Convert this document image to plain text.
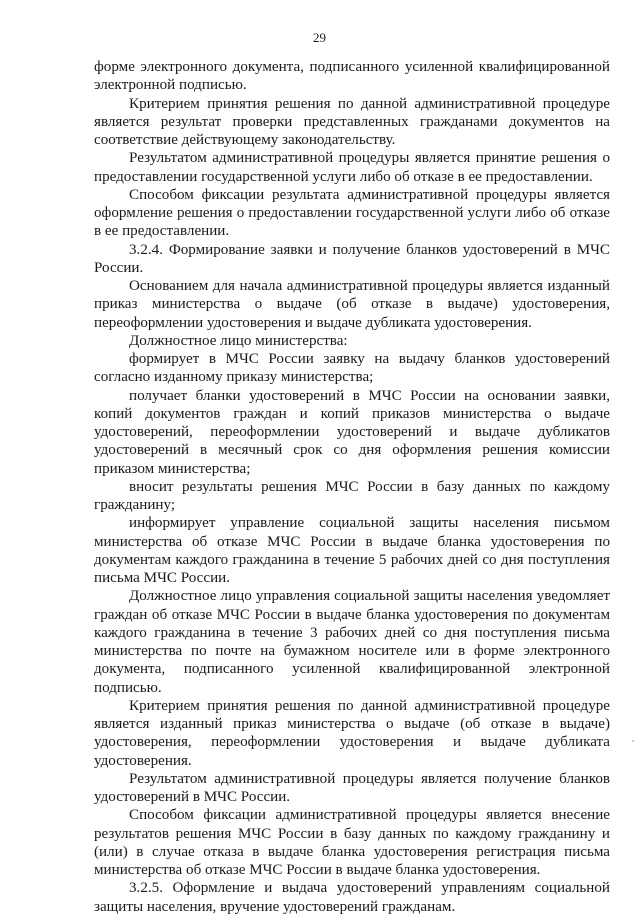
29

форме электронного документа, подписанного усиленной квалифицированной электронной подписью.

Критерием принятия решения по данной административной процедуре является результат проверки представленных гражданами документов на соответствие действующему законодательству.

Результатом административной процедуры является принятие решения о предоставлении государственной услуги либо об отказе в ее предоставлении.

Способом фиксации результата административной процедуры является оформление решения о предоставлении государственной услуги либо об отказе в ее предоставлении.

3.2.4. Формирование заявки и получение бланков удостоверений в МЧС России.

Основанием для начала административной процедуры является изданный приказ министерства о выдаче (об отказе в выдаче) удостоверения, переоформлении удостоверения и выдаче дубликата удостоверения.

Должностное лицо министерства:

формирует в МЧС России заявку на выдачу бланков удостоверений согласно изданному приказу министерства;

получает бланки удостоверений в МЧС России на основании заявки, копий документов граждан и копий приказов министерства о выдаче удостоверений, переоформлении удостоверений и выдаче дубликатов удостоверений в месячный срок со дня оформления решения комиссии приказом министерства;

вносит результаты решения МЧС России в базу данных по каждому гражданину;

информирует управление социальной защиты населения письмом министерства об отказе МЧС России в выдаче бланка удостоверения по документам каждого гражданина в течение 5 рабочих дней со дня поступления письма МЧС России.

Должностное лицо управления социальной защиты населения уведомляет граждан об отказе МЧС России в выдаче бланка удостоверения по документам каждого гражданина в течение 3 рабочих дней со дня поступления письма министерства по почте на бумажном носителе или в форме электронного документа, подписанного усиленной квалифицированной электронной подписью.

Критерием принятия решения по данной административной процедуре является изданный приказ министерства о выдаче (об отказе в выдаче) удостоверения, переоформлении удостоверения и выдаче дубликата удостоверения.

Результатом административной процедуры является получение бланков удостоверений в МЧС России.

Способом фиксации административной процедуры является внесение результатов решения МЧС России в базу данных по каждому гражданину и (или) в случае отказа в выдаче бланка удостоверения регистрация письма министерства об отказе МЧС России в выдаче бланка удостоверения.

3.2.5. Оформление и выдача удостоверений управлениям социальной защиты населения, вручение удостоверений гражданам.
